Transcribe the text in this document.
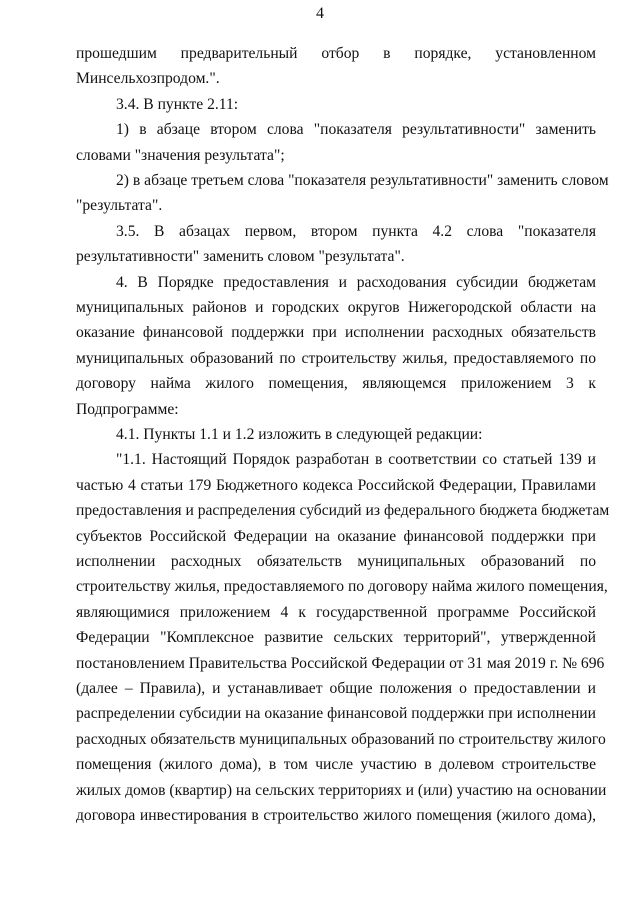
4
прошедшим предварительный отбор в порядке, установленном
Минсельхозпродом.".
3.4. В пункте 2.11:
1) в абзаце втором слова "показателя результативности" заменить
словами "значения результата";
2) в абзаце третьем слова "показателя результативности" заменить словом
"результата".
3.5. В абзацах первом, втором пункта 4.2 слова "показателя
результативности" заменить словом "результата".
4. В Порядке предоставления и расходования субсидии бюджетам
муниципальных районов и городских округов Нижегородской области на
оказание финансовой поддержки при исполнении расходных обязательств
муниципальных образований по строительству жилья, предоставляемого по
договору найма жилого помещения, являющемся приложением 3 к
Подпрограмме:
4.1. Пункты 1.1 и 1.2 изложить в следующей редакции:
"1.1. Настоящий Порядок разработан в соответствии со статьей 139 и
частью 4 статьи 179 Бюджетного кодекса Российской Федерации, Правилами
предоставления и распределения субсидий из федерального бюджета бюджетам
субъектов Российской Федерации на оказание финансовой поддержки при
исполнении расходных обязательств муниципальных образований по
строительству жилья, предоставляемого по договору найма жилого помещения,
являющимися приложением 4 к государственной программе Российской
Федерации "Комплексное развитие сельских территорий", утвержденной
постановлением Правительства Российской Федерации от 31 мая 2019 г. № 696
(далее – Правила), и устанавливает общие положения о предоставлении и
распределении субсидии на оказание финансовой поддержки при исполнении
расходных обязательств муниципальных образований по строительству жилого
помещения (жилого дома), в том числе участию в долевом строительстве
жилых домов (квартир) на сельских территориях и (или) участию на основании
договора инвестирования в строительство жилого помещения (жилого дома),
